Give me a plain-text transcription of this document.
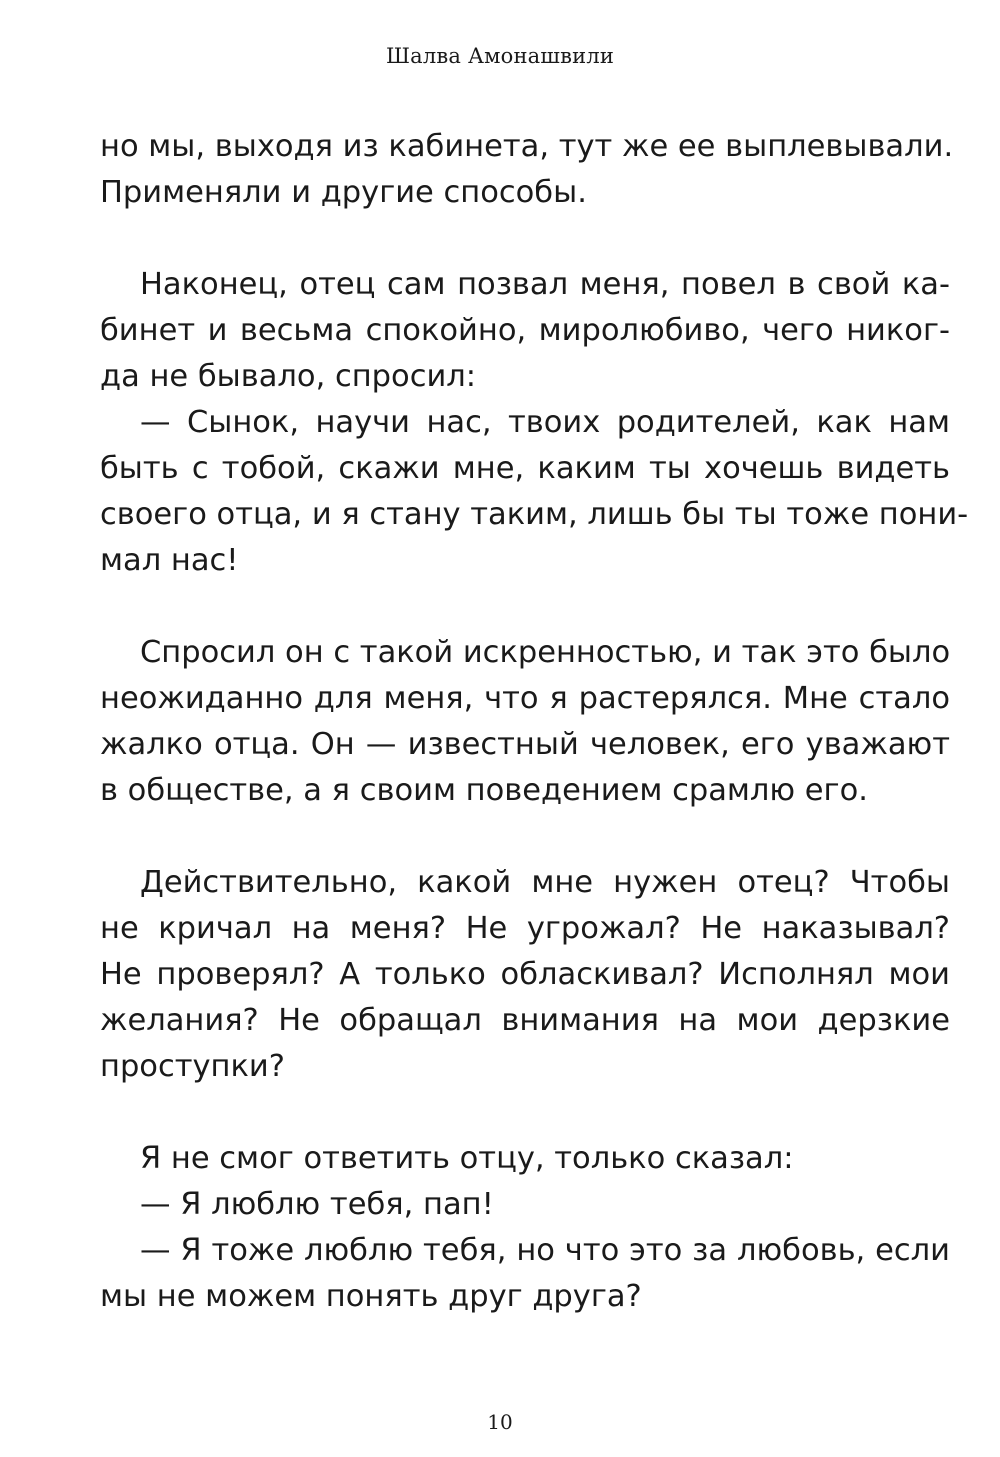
Шалва Амонашвили
но мы, выходя из кабинета, тут же ее выплевывали.
Применяли и другие способы.
Наконец, отец сам позвал меня, повел в свой ка-
бинет и весьма спокойно, миролюбиво, чего никог-
да не бывало, спросил:
— Сынок, научи нас, твоих родителей, как нам
быть с тобой, скажи мне, каким ты хочешь видеть
своего отца, и я стану таким, лишь бы ты тоже пони-
мал нас!
Спросил он с такой искренностью, и так это было
неожиданно для меня, что я растерялся. Мне стало
жалко отца. Он — известный человек, его уважают
в обществе, а я своим поведением срамлю его.
Действительно, какой мне нужен отец? Чтобы
не кричал на меня? Не угрожал? Не наказывал?
Не проверял? А только обласкивал? Исполнял мои
желания? Не обращал внимания на мои дерзкие
проступки?
Я не смог ответить отцу, только сказал:
— Я люблю тебя, пап!
— Я тоже люблю тебя, но что это за любовь, если
мы не можем понять друг друга?
10
